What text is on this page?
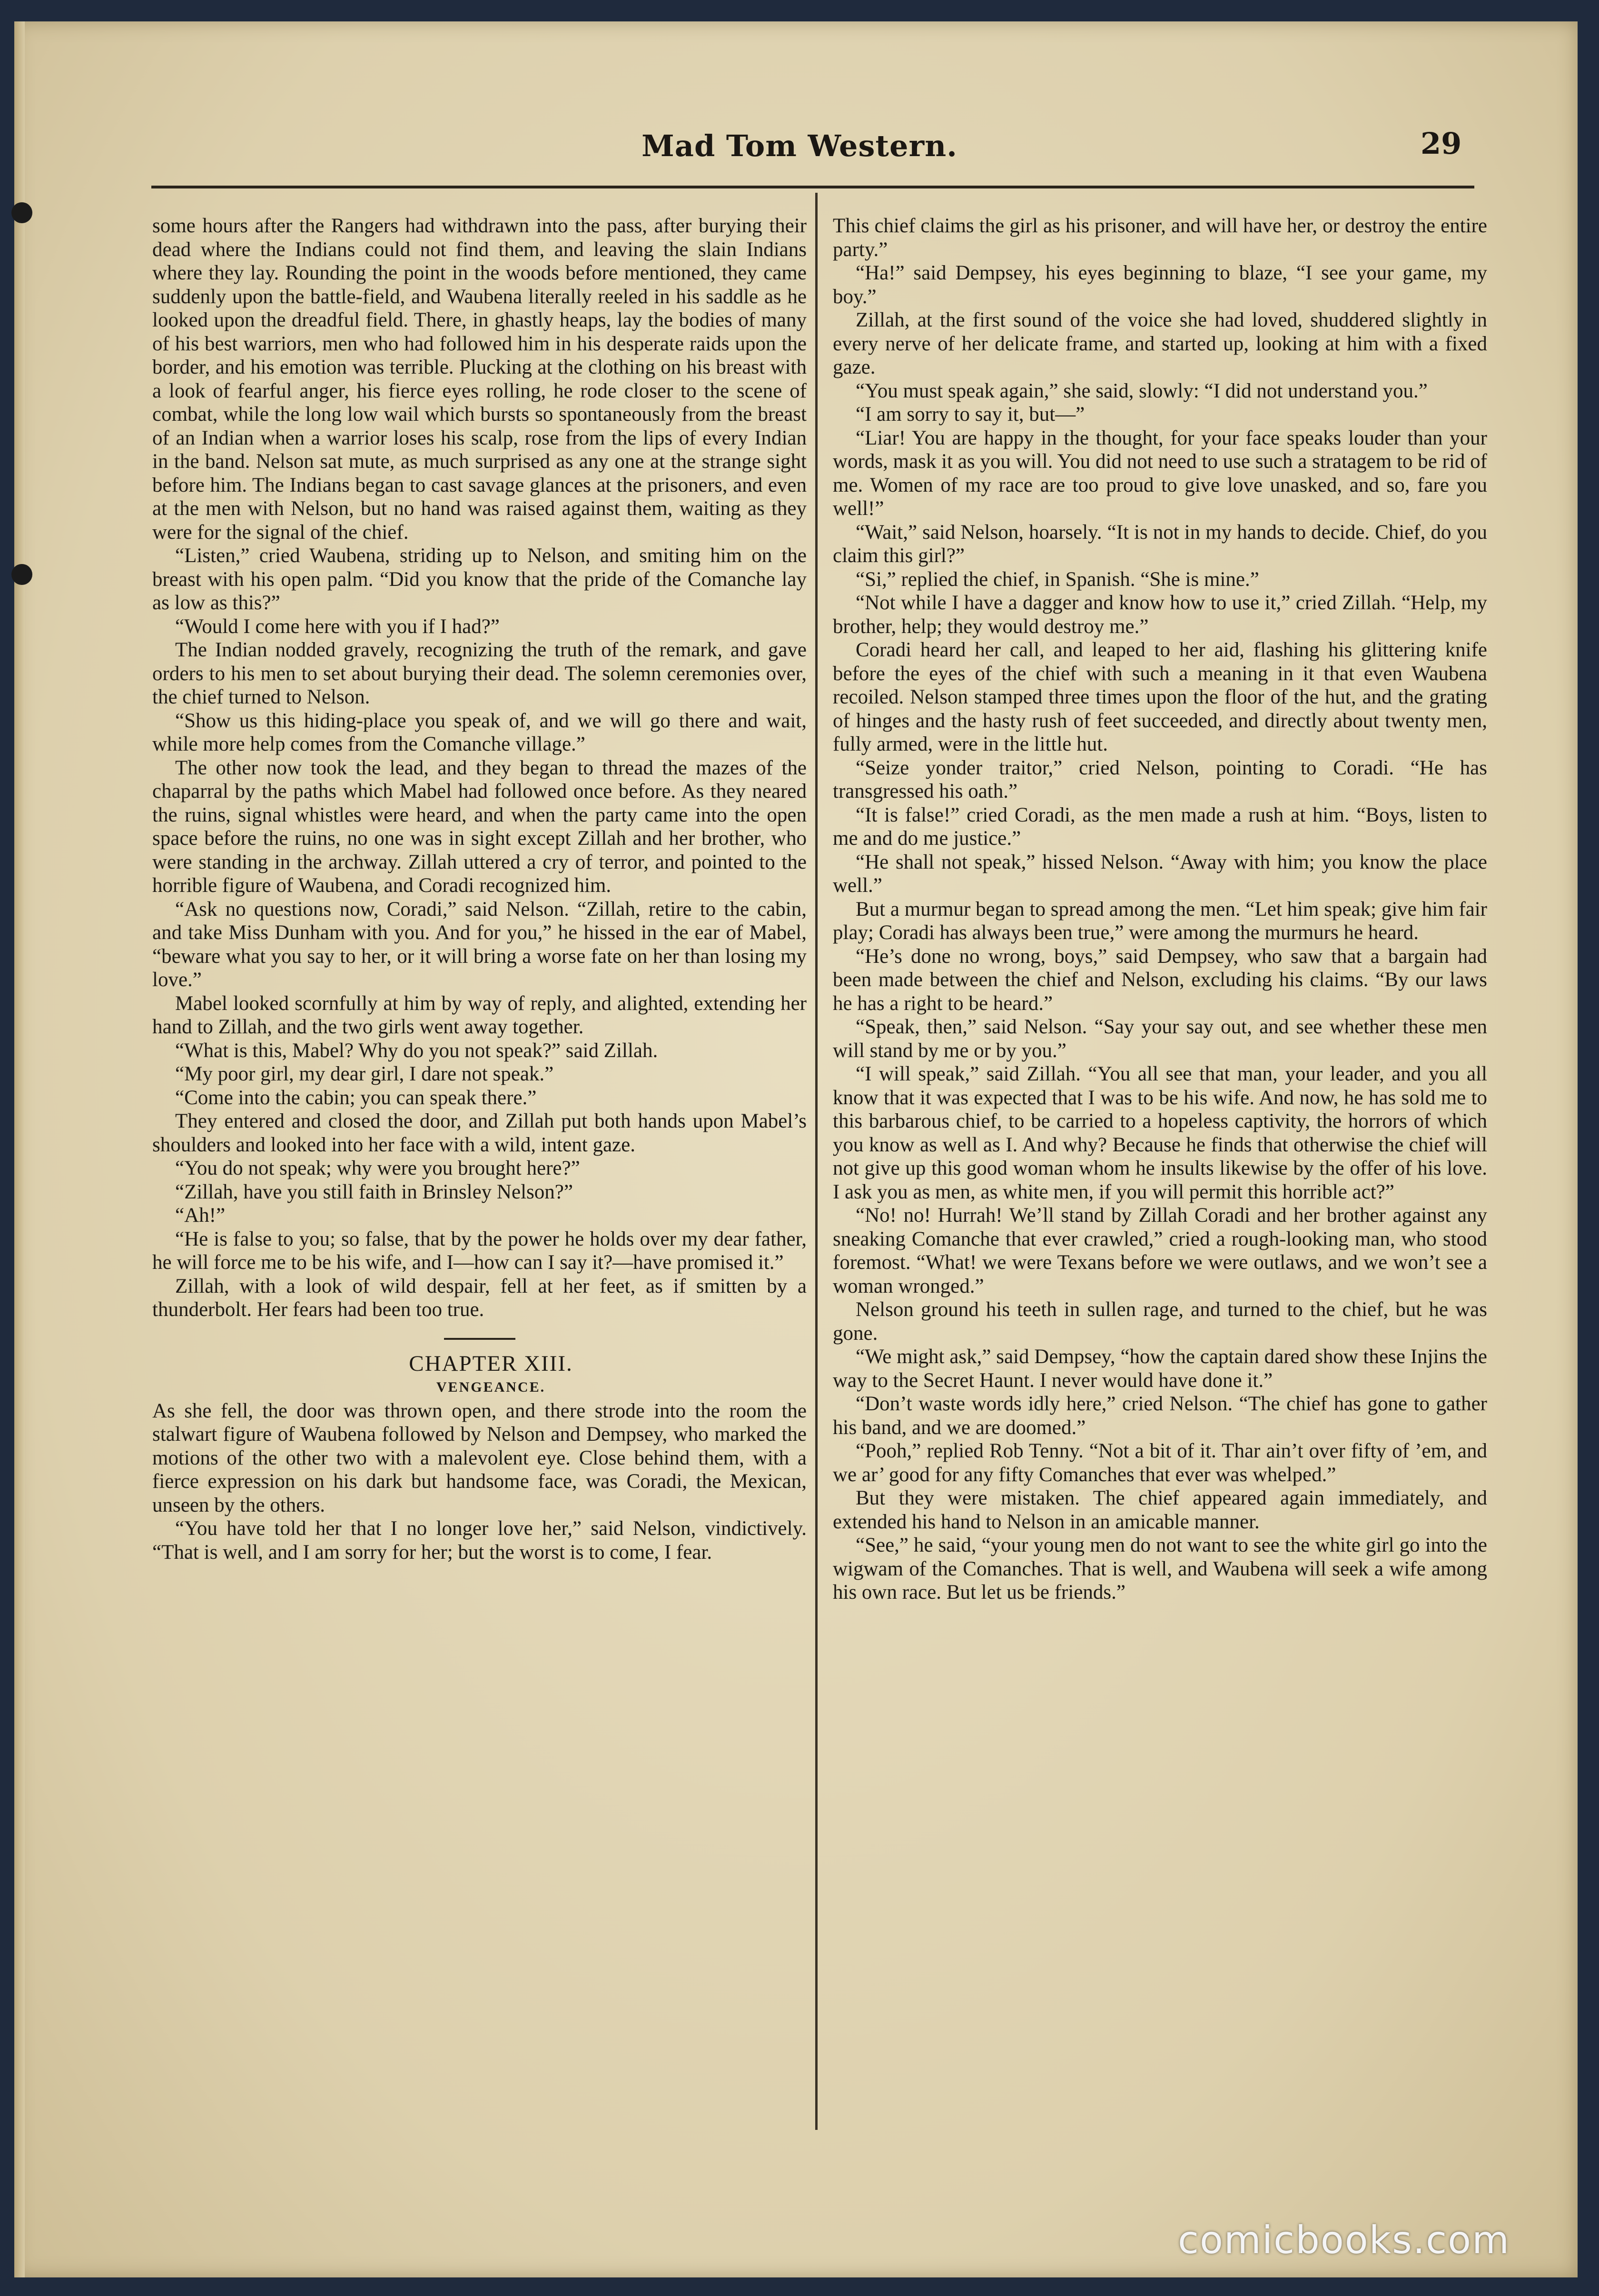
Mad Tom Western.	29

some hours after the Rangers had withdrawn into the pass, after burying their dead where the Indians could not find them, and leaving the slain Indians where they lay. Rounding the point in the woods before mentioned, they came suddenly upon the battle-field, and Waubena literally reeled in his saddle as he looked upon the dreadful field. There, in ghastly heaps, lay the bodies of many of his best warriors, men who had followed him in his desperate raids upon the border, and his emotion was terrible. Plucking at the clothing on his breast with a look of fearful anger, his fierce eyes rolling, he rode closer to the scene of combat, while the long low wail which bursts so spontaneously from the breast of an Indian when a warrior loses his scalp, rose from the lips of every Indian in the band. Nelson sat mute, as much surprised as any one at the strange sight before him. The Indians began to cast savage glances at the prisoners, and even at the men with Nelson, but no hand was raised against them, waiting as they were for the signal of the chief.

“Listen,” cried Waubena, striding up to Nelson, and smiting him on the breast with his open palm. “Did you know that the pride of the Comanche lay as low as this?”

“Would I come here with you if I had?”

The Indian nodded gravely, recognizing the truth of the remark, and gave orders to his men to set about burying their dead. The solemn ceremonies over, the chief turned to Nelson.

“Show us this hiding-place you speak of, and we will go there and wait, while more help comes from the Comanche village.”

The other now took the lead, and they began to thread the mazes of the chaparral by the paths which Mabel had followed once before. As they neared the ruins, signal whistles were heard, and when the party came into the open space before the ruins, no one was in sight except Zillah and her brother, who were standing in the archway. Zillah uttered a cry of terror, and pointed to the horrible figure of Waubena, and Coradi recognized him.

“Ask no questions now, Coradi,” said Nelson. “Zillah, retire to the cabin, and take Miss Dunham with you. And for you,” he hissed in the ear of Mabel, “beware what you say to her, or it will bring a worse fate on her than losing my love.”

Mabel looked scornfully at him by way of reply, and alighted, extending her hand to Zillah, and the two girls went away together.

“What is this, Mabel? Why do you not speak?” said Zillah.

“My poor girl, my dear girl, I dare not speak.”

“Come into the cabin; you can speak there.”

They entered and closed the door, and Zillah put both hands upon Mabel’s shoulders and looked into her face with a wild, intent gaze.

“You do not speak; why were you brought here?”

“Zillah, have you still faith in Brinsley Nelson?”

“Ah!”

“He is false to you; so false, that by the power he holds over my dear father, he will force me to be his wife, and I—how can I say it?—have promised it.”

Zillah, with a look of wild despair, fell at her feet, as if smitten by a thunderbolt. Her fears had been too true.

CHAPTER XIII.

VENGEANCE.

As she fell, the door was thrown open, and there strode into the room the stalwart figure of Waubena followed by Nelson and Dempsey, who marked the motions of the other two with a malevolent eye. Close behind them, with a fierce expression on his dark but handsome face, was Coradi, the Mexican, unseen by the others.

“You have told her that I no longer love her,” said Nelson, vindictively. “That is well, and I am sorry for her; but the worst is to come, I fear.

This chief claims the girl as his prisoner, and will have her, or destroy the entire party.”

“Ha!” said Dempsey, his eyes beginning to blaze, “I see your game, my boy.”

Zillah, at the first sound of the voice she had loved, shuddered slightly in every nerve of her delicate frame, and started up, looking at him with a fixed gaze.

“You must speak again,” she said, slowly: “I did not understand you.”

“I am sorry to say it, but—”

“Liar! You are happy in the thought, for your face speaks louder than your words, mask it as you will. You did not need to use such a stratagem to be rid of me. Women of my race are too proud to give love unasked, and so, fare you well!”

“Wait,” said Nelson, hoarsely. “It is not in my hands to decide. Chief, do you claim this girl?”

“Si,” replied the chief, in Spanish. “She is mine.”

“Not while I have a dagger and know how to use it,” cried Zillah. “Help, my brother, help; they would destroy me.”

Coradi heard her call, and leaped to her aid, flashing his glittering knife before the eyes of the chief with such a meaning in it that even Waubena recoiled. Nelson stamped three times upon the floor of the hut, and the grating of hinges and the hasty rush of feet succeeded, and directly about twenty men, fully armed, were in the little hut.

“Seize yonder traitor,” cried Nelson, pointing to Coradi. “He has transgressed his oath.”

“It is false!” cried Coradi, as the men made a rush at him. “Boys, listen to me and do me justice.”

“He shall not speak,” hissed Nelson. “Away with him; you know the place well.”

But a murmur began to spread among the men. “Let him speak; give him fair play; Coradi has always been true,” were among the murmurs he heard.

“He’s done no wrong, boys,” said Dempsey, who saw that a bargain had been made between the chief and Nelson, excluding his claims. “By our laws he has a right to be heard.”

“Speak, then,” said Nelson. “Say your say out, and see whether these men will stand by me or by you.”

“I will speak,” said Zillah. “You all see that man, your leader, and you all know that it was expected that I was to be his wife. And now, he has sold me to this barbarous chief, to be carried to a hopeless captivity, the horrors of which you know as well as I. And why? Because he finds that otherwise the chief will not give up this good woman whom he insults likewise by the offer of his love. I ask you as men, as white men, if you will permit this horrible act?”

“No! no! Hurrah! We’ll stand by Zillah Coradi and her brother against any sneaking Comanche that ever crawled,” cried a rough-looking man, who stood foremost. “What! we were Texans before we were outlaws, and we won’t see a woman wronged.”

Nelson ground his teeth in sullen rage, and turned to the chief, but he was gone.

“We might ask,” said Dempsey, “how the captain dared show these Injins the way to the Secret Haunt. I never would have done it.”

“Don’t waste words idly here,” cried Nelson. “The chief has gone to gather his band, and we are doomed.”

“Pooh,” replied Rob Tenny. “Not a bit of it. Thar ain’t over fifty of ’em, and we ar’ good for any fifty Comanches that ever was whelped.”

But they were mistaken. The chief appeared again immediately, and extended his hand to Nelson in an amicable manner.

“See,” he said, “your young men do not want to see the white girl go into the wigwam of the Comanches. That is well, and Waubena will seek a wife among his own race. But let us be friends.”

comicbooks.com
